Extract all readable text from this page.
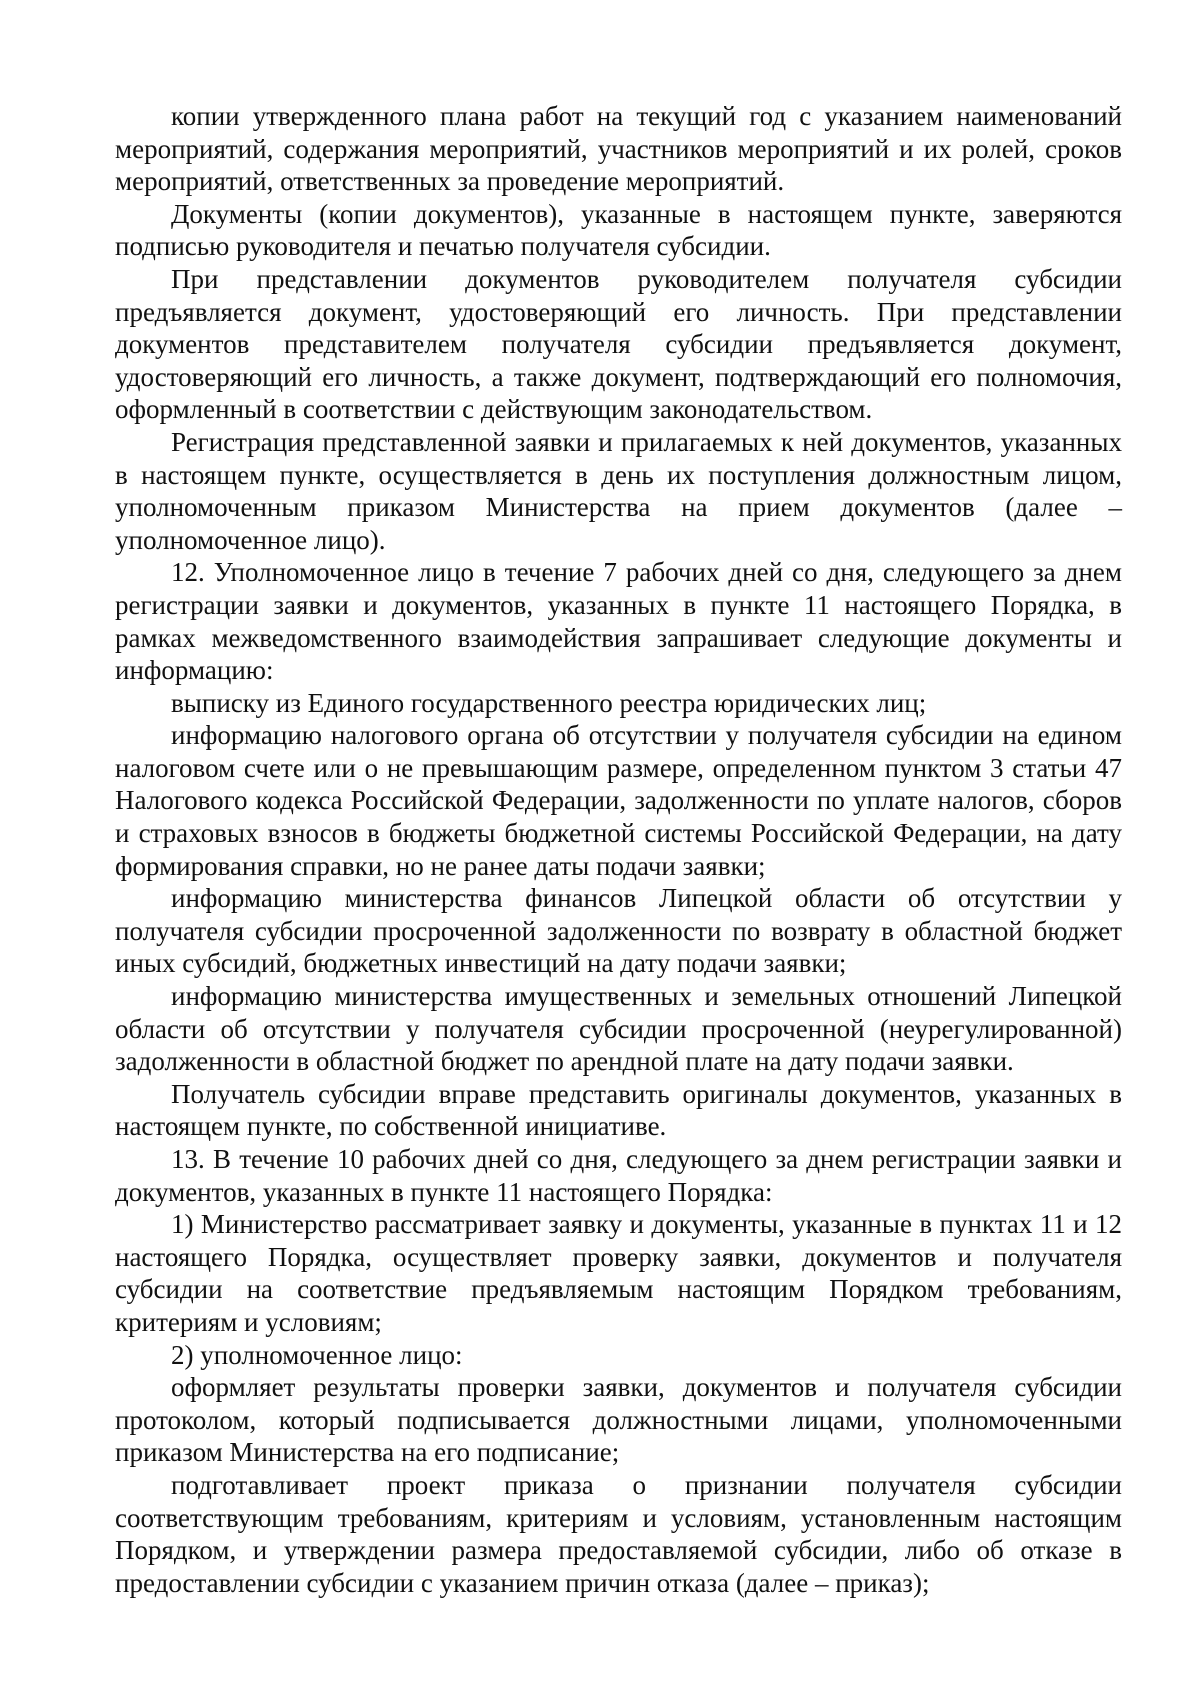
копии утвержденного плана работ на текущий год с указанием наименований мероприятий, содержания мероприятий, участников мероприятий и их ролей, сроков мероприятий, ответственных за проведение мероприятий.

Документы (копии документов), указанные в настоящем пункте, заверяются подписью руководителя и печатью получателя субсидии.

При представлении документов руководителем получателя субсидии предъявляется документ, удостоверяющий его личность. При представлении документов представителем получателя субсидии предъявляется документ, удостоверяющий его личность, а также документ, подтверждающий его полномочия, оформленный в соответствии с действующим законодательством.

Регистрация представленной заявки и прилагаемых к ней документов, указанных в настоящем пункте, осуществляется в день их поступления должностным лицом, уполномоченным приказом Министерства на прием документов (далее – уполномоченное лицо).

12. Уполномоченное лицо в течение 7 рабочих дней со дня, следующего за днем регистрации заявки и документов, указанных в пункте 11 настоящего Порядка, в рамках межведомственного взаимодействия запрашивает следующие документы и информацию:

выписку из Единого государственного реестра юридических лиц;

информацию налогового органа об отсутствии у получателя субсидии на едином налоговом счете или о не превышающим размере, определенном пунктом 3 статьи 47 Налогового кодекса Российской Федерации, задолженности по уплате налогов, сборов и страховых взносов в бюджеты бюджетной системы Российской Федерации, на дату формирования справки, но не ранее даты подачи заявки;

информацию министерства финансов Липецкой области об отсутствии у получателя субсидии просроченной задолженности по возврату в областной бюджет иных субсидий, бюджетных инвестиций на дату подачи заявки;

информацию министерства имущественных и земельных отношений Липецкой области об отсутствии у получателя субсидии просроченной (неурегулированной) задолженности в областной бюджет по арендной плате на дату подачи заявки.

Получатель субсидии вправе представить оригиналы документов, указанных в настоящем пункте, по собственной инициативе.

13. В течение 10 рабочих дней со дня, следующего за днем регистрации заявки и документов, указанных в пункте 11 настоящего Порядка:

1) Министерство рассматривает заявку и документы, указанные в пунктах 11 и 12 настоящего Порядка, осуществляет проверку заявки, документов и получателя субсидии на соответствие предъявляемым настоящим Порядком требованиям, критериям и условиям;

2) уполномоченное лицо:

оформляет результаты проверки заявки, документов и получателя субсидии протоколом, который подписывается должностными лицами, уполномоченными приказом Министерства на его подписание;

подготавливает проект приказа о признании получателя субсидии соответствующим требованиям, критериям и условиям, установленным настоящим Порядком, и утверждении размера предоставляемой субсидии, либо об отказе в предоставлении субсидии с указанием причин отказа (далее – приказ);
